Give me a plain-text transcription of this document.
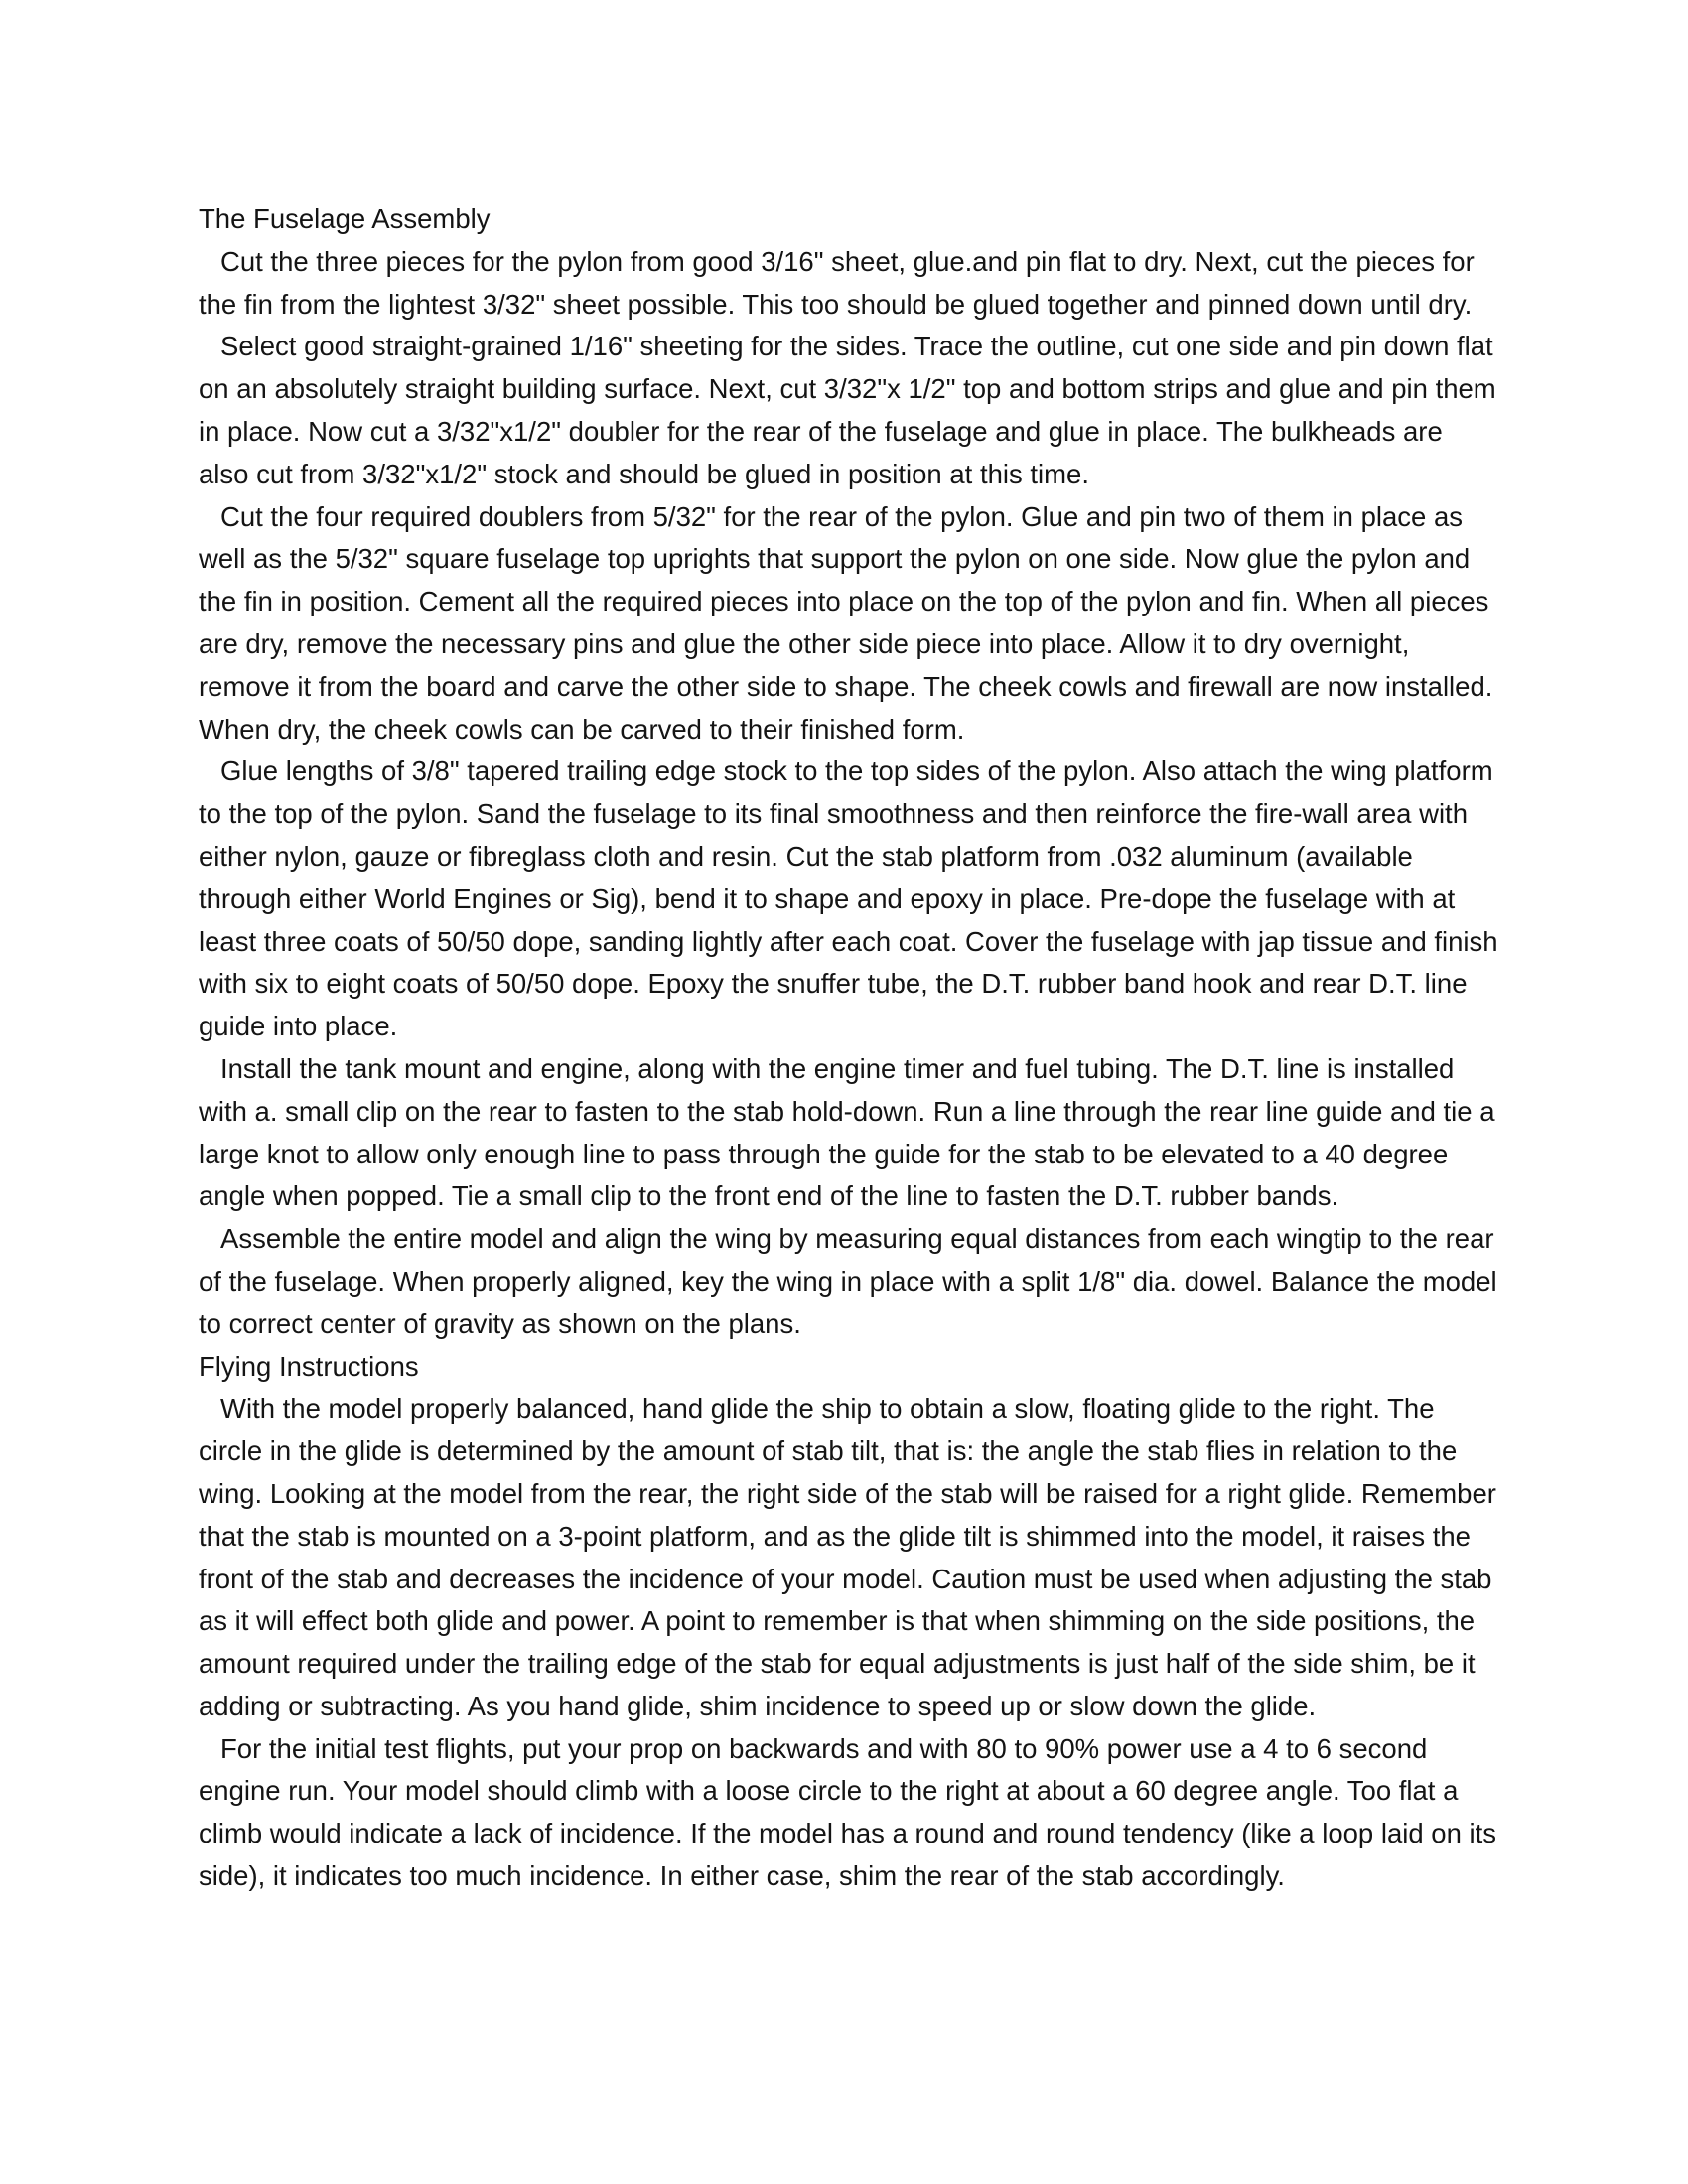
The Fuselage Assembly

Cut the three pieces for the pylon from good 3/16" sheet, glue.and pin flat to dry. Next, cut the pieces for the fin from the lightest 3/32" sheet possible. This too should be glued together and pinned down until dry.

Select good straight-grained 1/16" sheeting for the sides. Trace the outline, cut one side and pin down flat on an absolutely straight building surface. Next, cut 3/32"x 1/2" top and bottom strips and glue and pin them in place. Now cut a 3/32"x1/2" doubler for the rear of the fuselage and glue in place. The bulkheads are also cut from 3/32"x1/2" stock and should be glued in position at this time.

Cut the four required doublers from 5/32" for the rear of the pylon. Glue and pin two of them in place as well as the 5/32" square fuselage top uprights that support the pylon on one side. Now glue the pylon and the fin in position. Cement all the required pieces into place on the top of the pylon and fin. When all pieces are dry, remove the necessary pins and glue the other side piece into place. Allow it to dry overnight, remove it from the board and carve the other side to shape. The cheek cowls and firewall are now installed. When dry, the cheek cowls can be carved to their finished form.

Glue lengths of 3/8" tapered trailing edge stock to the top sides of the pylon. Also attach the wing platform to the top of the pylon. Sand the fuselage to its final smoothness and then reinforce the fire-wall area with either nylon, gauze or fibreglass cloth and resin. Cut the stab platform from .032 aluminum (available through either World Engines or Sig), bend it to shape and epoxy in place. Pre-dope the fuselage with at least three coats of 50/50 dope, sanding lightly after each coat. Cover the fuselage with jap tissue and finish with six to eight coats of 50/50 dope. Epoxy the snuffer tube, the D.T. rubber band hook and rear D.T. line guide into place.

Install the tank mount and engine, along with the engine timer and fuel tubing. The D.T. line is installed with a. small clip on the rear to fasten to the stab hold-down. Run a line through the rear line guide and tie a large knot to allow only enough line to pass through the guide for the stab to be elevated to a 40 degree angle when popped. Tie a small clip to the front end of the line to fasten the D.T. rubber bands.

Assemble the entire model and align the wing by measuring equal distances from each wingtip to the rear of the fuselage. When properly aligned, key the wing in place with a split 1/8" dia. dowel. Balance the model to correct center of gravity as shown on the plans.

Flying Instructions

With the model properly balanced, hand glide the ship to obtain a slow, floating glide to the right. The circle in the glide is determined by the amount of stab tilt, that is: the angle the stab flies in relation to the wing. Looking at the model from the rear, the right side of the stab will be raised for a right glide. Remember that the stab is mounted on a 3-point platform, and as the glide tilt is shimmed into the model, it raises the front of the stab and decreases the incidence of your model. Caution must be used when adjusting the stab as it will effect both glide and power. A point to remember is that when shimming on the side positions, the amount required under the trailing edge of the stab for equal adjustments is just half of the side shim, be it adding or subtracting. As you hand glide, shim incidence to speed up or slow down the glide.

For the initial test flights, put your prop on backwards and with 80 to 90% power use a 4 to 6 second engine run. Your model should climb with a loose circle to the right at about a 60 degree angle. Too flat a climb would indicate a lack of incidence. If the model has a round and round tendency (like a loop laid on its side), it indicates too much incidence. In either case, shim the rear of the stab accordingly.
